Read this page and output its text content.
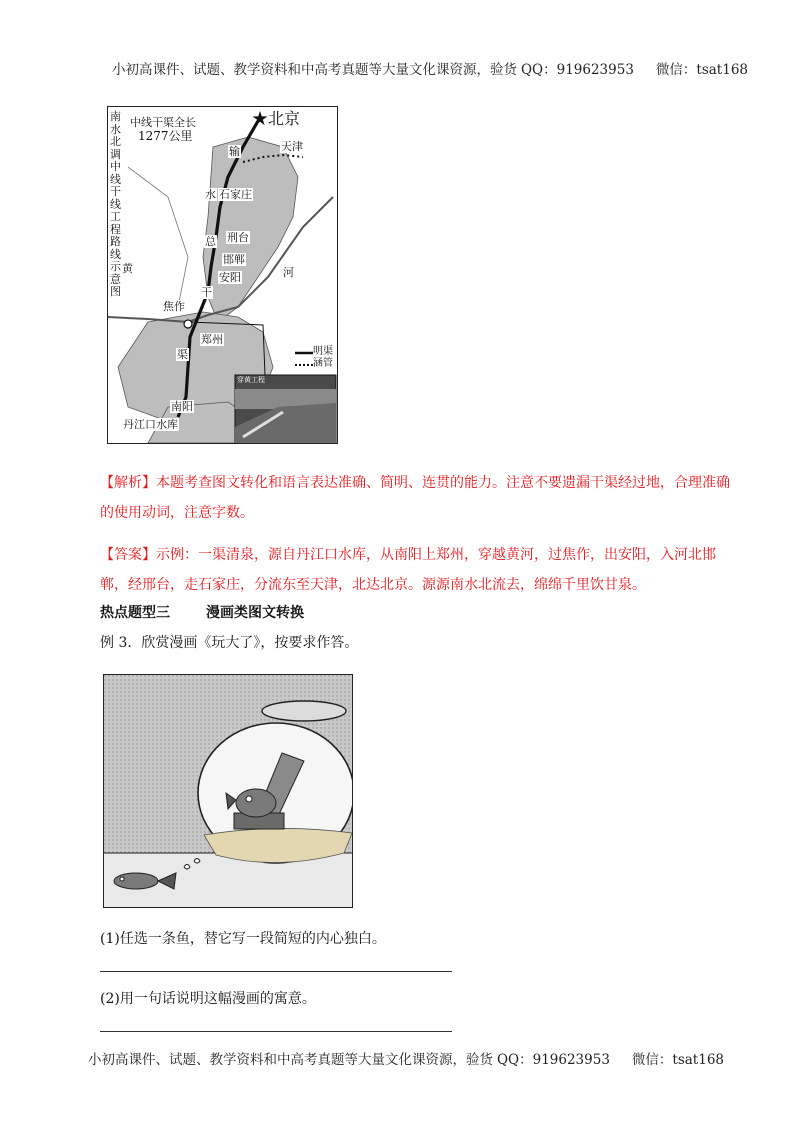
小初高课件、试题、教学资料和中高考真题等大量文化课资源，验货 QQ：919623953 微信：tsat168
南水北调中线干线工程路线示意图
中线干渠全长
1277公里
★北京
天津
输
水 石家庄
总 刑台
邯郸
安阳
黄	河
干
焦作
郑州
渠
南阳
丹江口水库
明渠
涵管
穿黄工程
【解析】本题考查图文转化和语言表达准确、简明、连贯的能力。注意不要遗漏干渠经过地，合理准确的使用动词，注意字数。
【答案】示例：一渠清泉，源自丹江口水库，从南阳上郑州，穿越黄河，过焦作，出安阳，入河北邯郸，经邢台，走石家庄，分流东至天津，北达北京。源源南水北流去，绵绵千里饮甘泉。
热点题型三	漫画类图文转换
例 3．欣赏漫画《玩大了》，按要求作答。
(1)任选一条鱼，替它写一段简短的内心独白。
(2)用一句话说明这幅漫画的寓意。
小初高课件、试题、教学资料和中高考真题等大量文化课资源，验货 QQ：919623953 微信：tsat168
